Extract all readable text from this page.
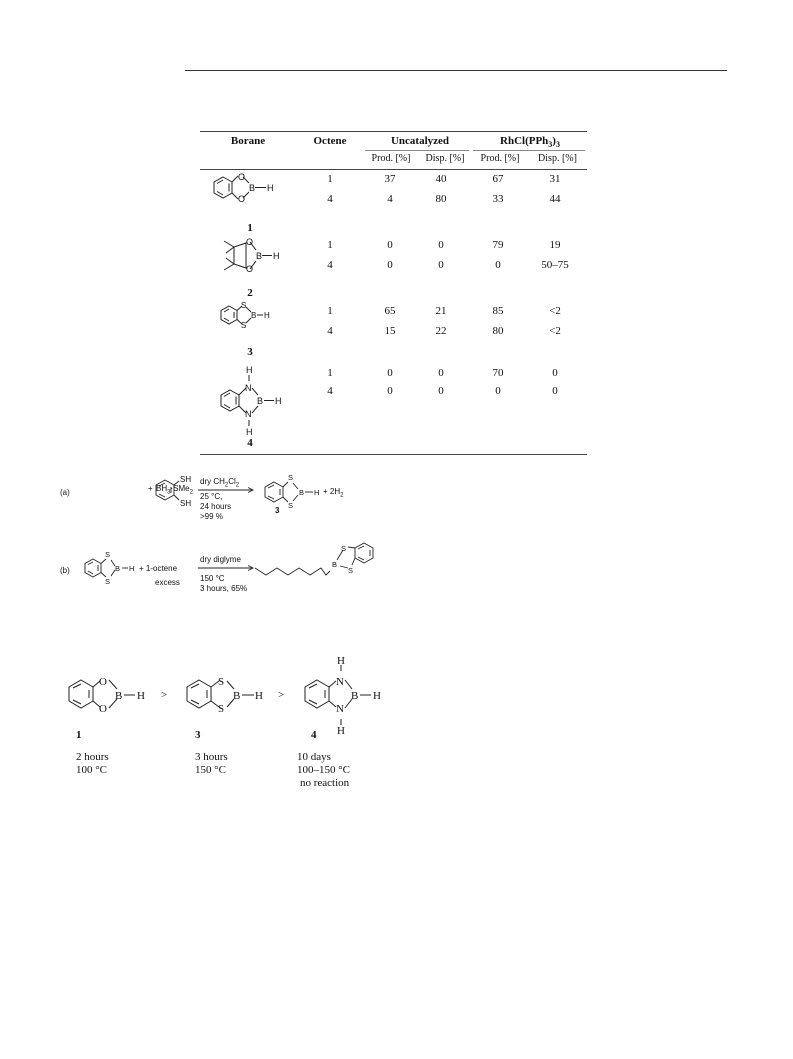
Borane	Octene	Uncatalyzed	$RhCl(PPh_3)_3$
Prod. [%]	Disp. [%]	Prod. [%]	Disp. [%]
1	37	40	67	31
4	4	80	33	44
1
1	0	0	79	19
4	0	0	0	50–75
2
1	65	21	85	<2
4	15	22	80	<2
3
1	0	0	70	0
4	0	0	0	0
4
O
O
B H
O
O
B H
S
S
B H
N
N
B H
H
H
S
S
B H
(a)
SH
SH
+ $BH_3\cdot SMe_2$
dry $CH_2Cl_2$
25 °C,
24 hours
>99 %
3
+ $2H_2$
S
S
B H
S
S
B
(b)	+ 1-octene
excess
dry diglyme
150 °C
3 hours, 65%
O
O
B H
S
S
B H
N
N
B H
H
H
>	>
1	3	4
2 hours
100 °C
3 hours
150 °C
10 days
100–150 °C
no reaction
